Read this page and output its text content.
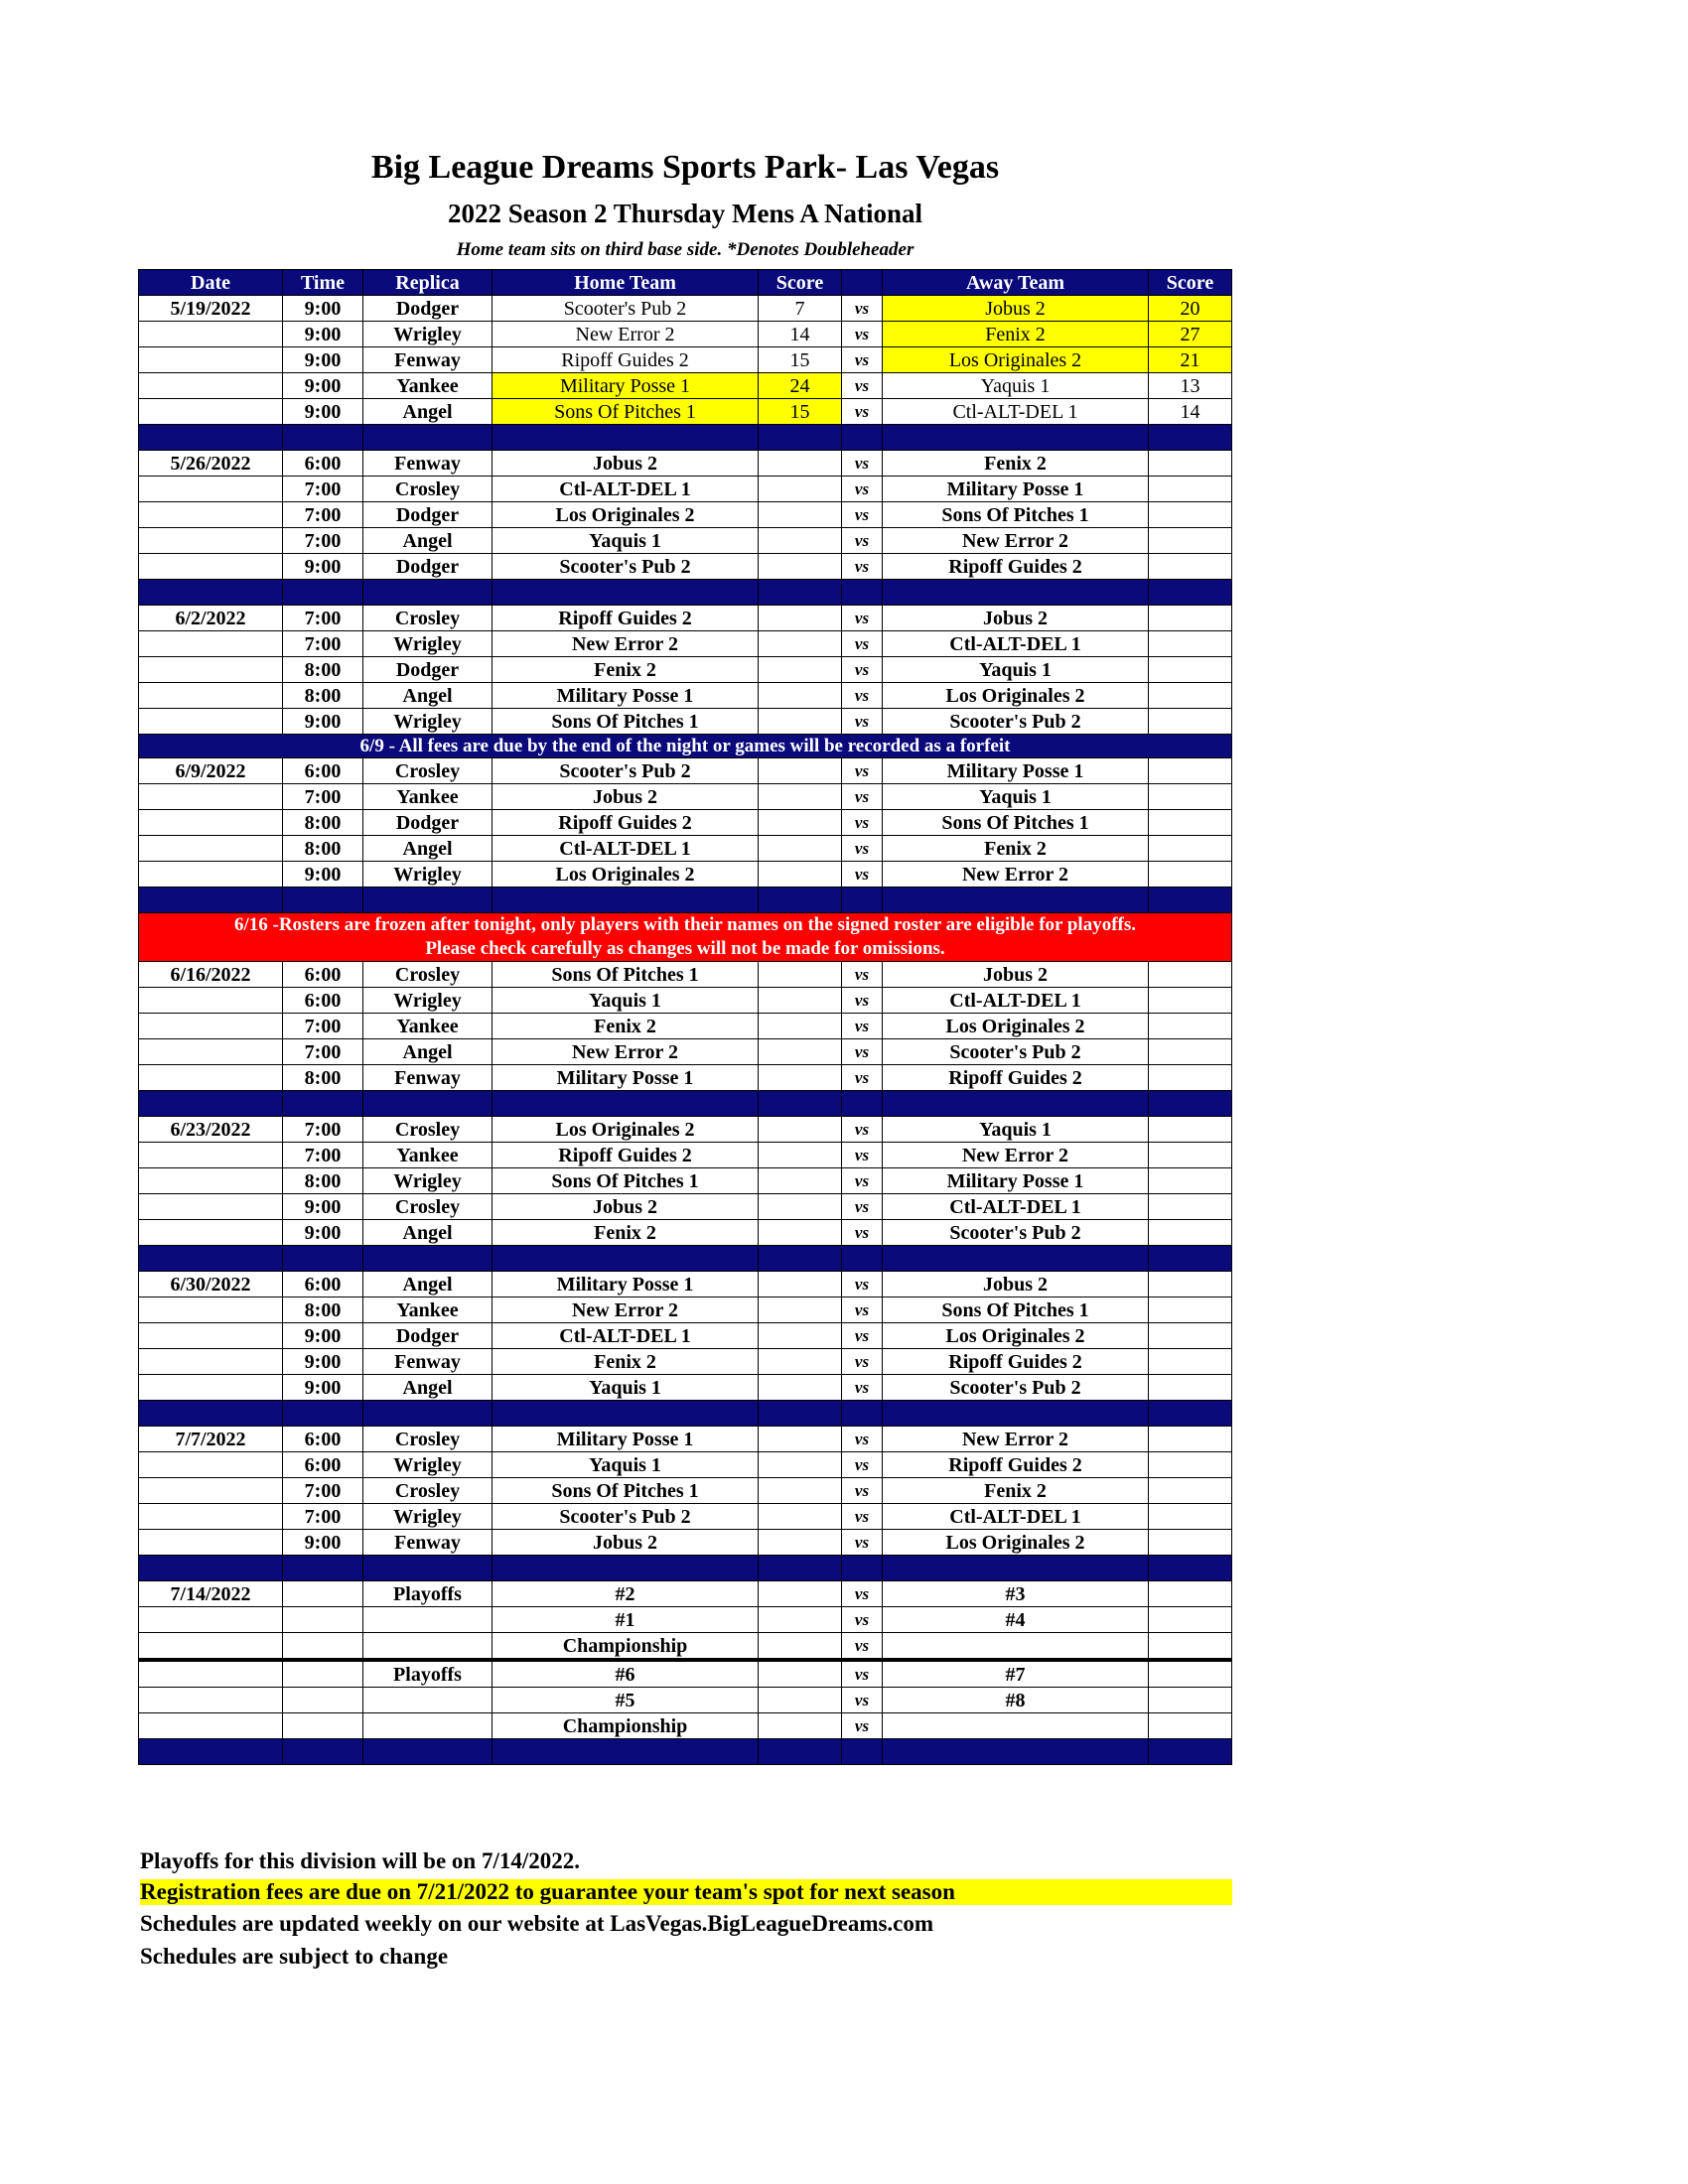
Big League Dreams Sports Park- Las Vegas
2022 Season 2 Thursday Mens A National
Home team sits on third base side. *Denotes Doubleheader
Date	Time	Replica	Home Team	Score		Away Team	Score
5/19/2022	9:00	Dodger	Scooter's Pub 2	7	vs	Jobus 2	20
	9:00	Wrigley	New Error 2	14	vs	Fenix 2	27
	9:00	Fenway	Ripoff Guides 2	15	vs	Los Originales 2	21
	9:00	Yankee	Military Posse 1	24	vs	Yaquis 1	13
	9:00	Angel	Sons Of Pitches 1	15	vs	Ctl-ALT-DEL 1	14

5/26/2022	6:00	Fenway	Jobus 2		vs	Fenix 2	
	7:00	Crosley	Ctl-ALT-DEL 1		vs	Military Posse 1	
	7:00	Dodger	Los Originales 2		vs	Sons Of Pitches 1	
	7:00	Angel	Yaquis 1		vs	New Error 2	
	9:00	Dodger	Scooter's Pub 2		vs	Ripoff Guides 2	

6/2/2022	7:00	Crosley	Ripoff Guides 2		vs	Jobus 2	
	7:00	Wrigley	New Error 2		vs	Ctl-ALT-DEL 1	
	8:00	Dodger	Fenix 2		vs	Yaquis 1	
	8:00	Angel	Military Posse 1		vs	Los Originales 2	
	9:00	Wrigley	Sons Of Pitches 1		vs	Scooter's Pub 2	
6/9 - All fees are due by the end of the night or games will be recorded as a forfeit							
6/9/2022	6:00	Crosley	Scooter's Pub 2		vs	Military Posse 1	
	7:00	Yankee	Jobus 2		vs	Yaquis 1	
	8:00	Dodger	Ripoff Guides 2		vs	Sons Of Pitches 1	
	8:00	Angel	Ctl-ALT-DEL 1		vs	Fenix 2	
	9:00	Wrigley	Los Originales 2		vs	New Error 2	

6/16 -Rosters are frozen after tonight, only players with their names on the signed roster are eligible for playoffs.
Please check carefully as changes will not be made for omissions.							

6/16/2022	6:00	Crosley	Sons Of Pitches 1		vs	Jobus 2	
	6:00	Wrigley	Yaquis 1		vs	Ctl-ALT-DEL 1	
	7:00	Yankee	Fenix 2		vs	Los Originales 2	
	7:00	Angel	New Error 2		vs	Scooter's Pub 2	
	8:00	Fenway	Military Posse 1		vs	Ripoff Guides 2	

6/23/2022	7:00	Crosley	Los Originales 2		vs	Yaquis 1	
	7:00	Yankee	Ripoff Guides 2		vs	New Error 2	
	8:00	Wrigley	Sons Of Pitches 1		vs	Military Posse 1	
	9:00	Crosley	Jobus 2		vs	Ctl-ALT-DEL 1	
	9:00	Angel	Fenix 2		vs	Scooter's Pub 2	

6/30/2022	6:00	Angel	Military Posse 1		vs	Jobus 2	
	8:00	Yankee	New Error 2		vs	Sons Of Pitches 1	
	9:00	Dodger	Ctl-ALT-DEL 1		vs	Los Originales 2	
	9:00	Fenway	Fenix 2		vs	Ripoff Guides 2	
	9:00	Angel	Yaquis 1		vs	Scooter's Pub 2	

7/7/2022	6:00	Crosley	Military Posse 1		vs	New Error 2	
	6:00	Wrigley	Yaquis 1		vs	Ripoff Guides 2	
	7:00	Crosley	Sons Of Pitches 1		vs	Fenix 2	
	7:00	Wrigley	Scooter's Pub 2		vs	Ctl-ALT-DEL 1	
	9:00	Fenway	Jobus 2		vs	Los Originales 2	

7/14/2022		Playoffs	#2		vs	#3	
			#1		vs	#4	
			Championship		vs		
		Playoffs	#6		vs	#7	
			#5		vs	#8	
			Championship		vs		

Playoffs for this division will be on 7/14/2022.
Registration fees are due on 7/21/2022 to guarantee your team's spot for next season
Schedules are updated weekly on our website at LasVegas.BigLeagueDreams.com
Schedules are subject to change
